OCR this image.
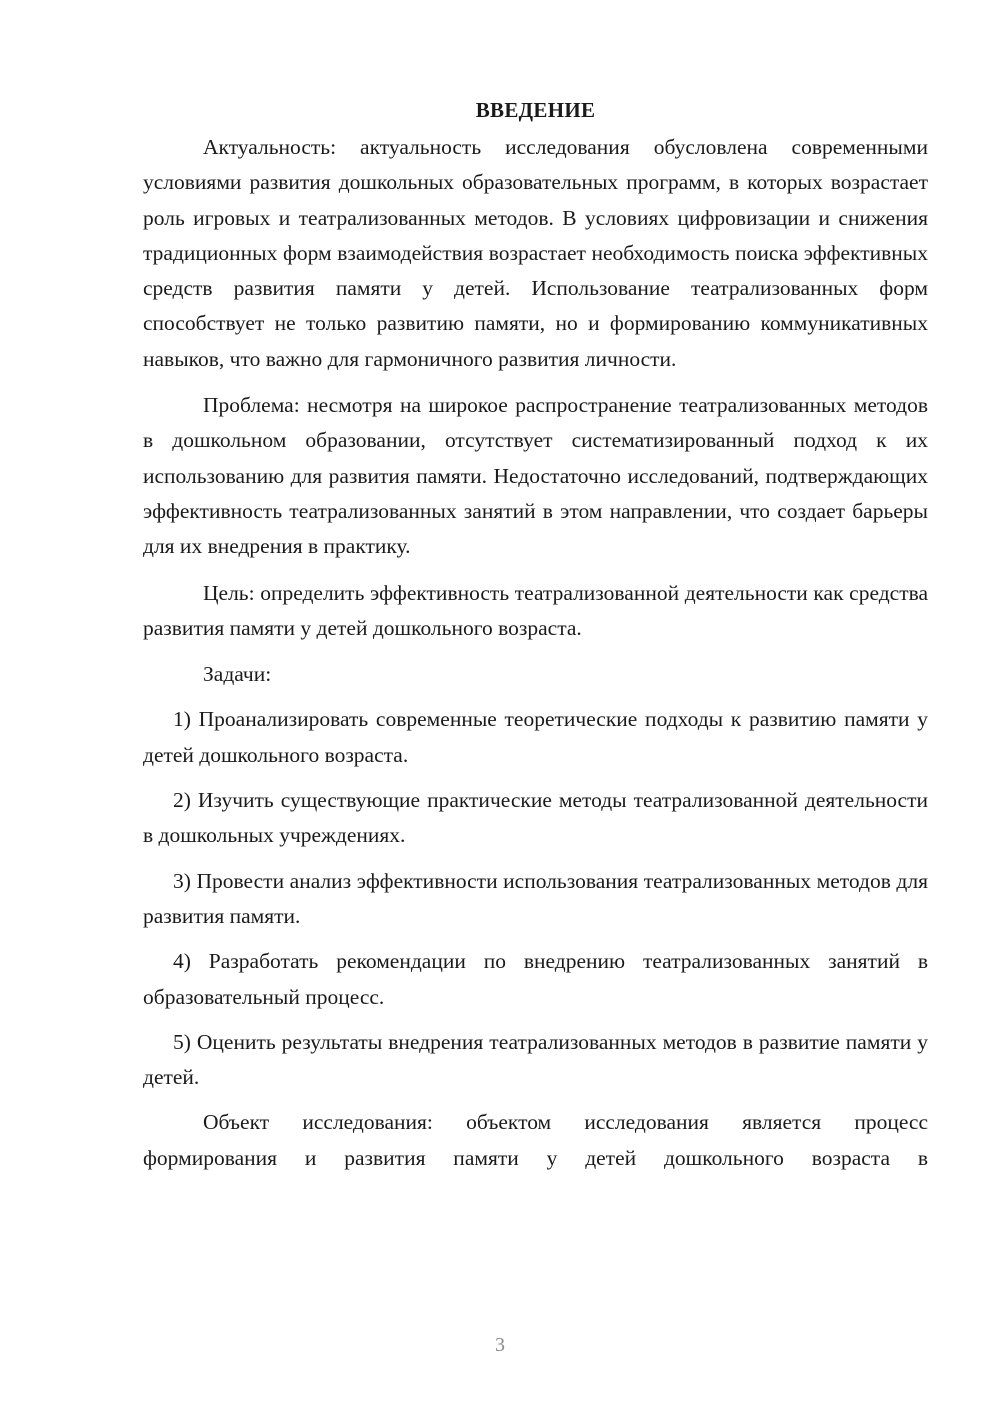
ВВЕДЕНИЕ

Актуальность: актуальность исследования обусловлена современными условиями развития дошкольных образовательных программ, в которых возрастает роль игровых и театрализованных методов. В условиях цифровизации и снижения традиционных форм взаимодействия возрастает необходимость поиска эффективных средств развития памяти у детей. Использование театрализованных форм способствует не только развитию памяти, но и формированию коммуникативных навыков, что важно для гармоничного развития личности.

Проблема: несмотря на широкое распространение театрализованных методов в дошкольном образовании, отсутствует систематизированный подход к их использованию для развития памяти. Недостаточно исследований, подтверждающих эффективность театрализованных занятий в этом направлении, что создает барьеры для их внедрения в практику.

Цель: определить эффективность театрализованной деятельности как средства развития памяти у детей дошкольного возраста.

Задачи:

1) Проанализировать современные теоретические подходы к развитию памяти у детей дошкольного возраста.

2) Изучить существующие практические методы театрализованной деятельности в дошкольных учреждениях.

3) Провести анализ эффективности использования театрализованных методов для развития памяти.

4) Разработать рекомендации по внедрению театрализованных занятий в образовательный процесс.

5) Оценить результаты внедрения театрализованных методов в развитие памяти у детей.

Объект исследования: объектом исследования является процесс формирования и развития памяти у детей дошкольного возраста в

3
